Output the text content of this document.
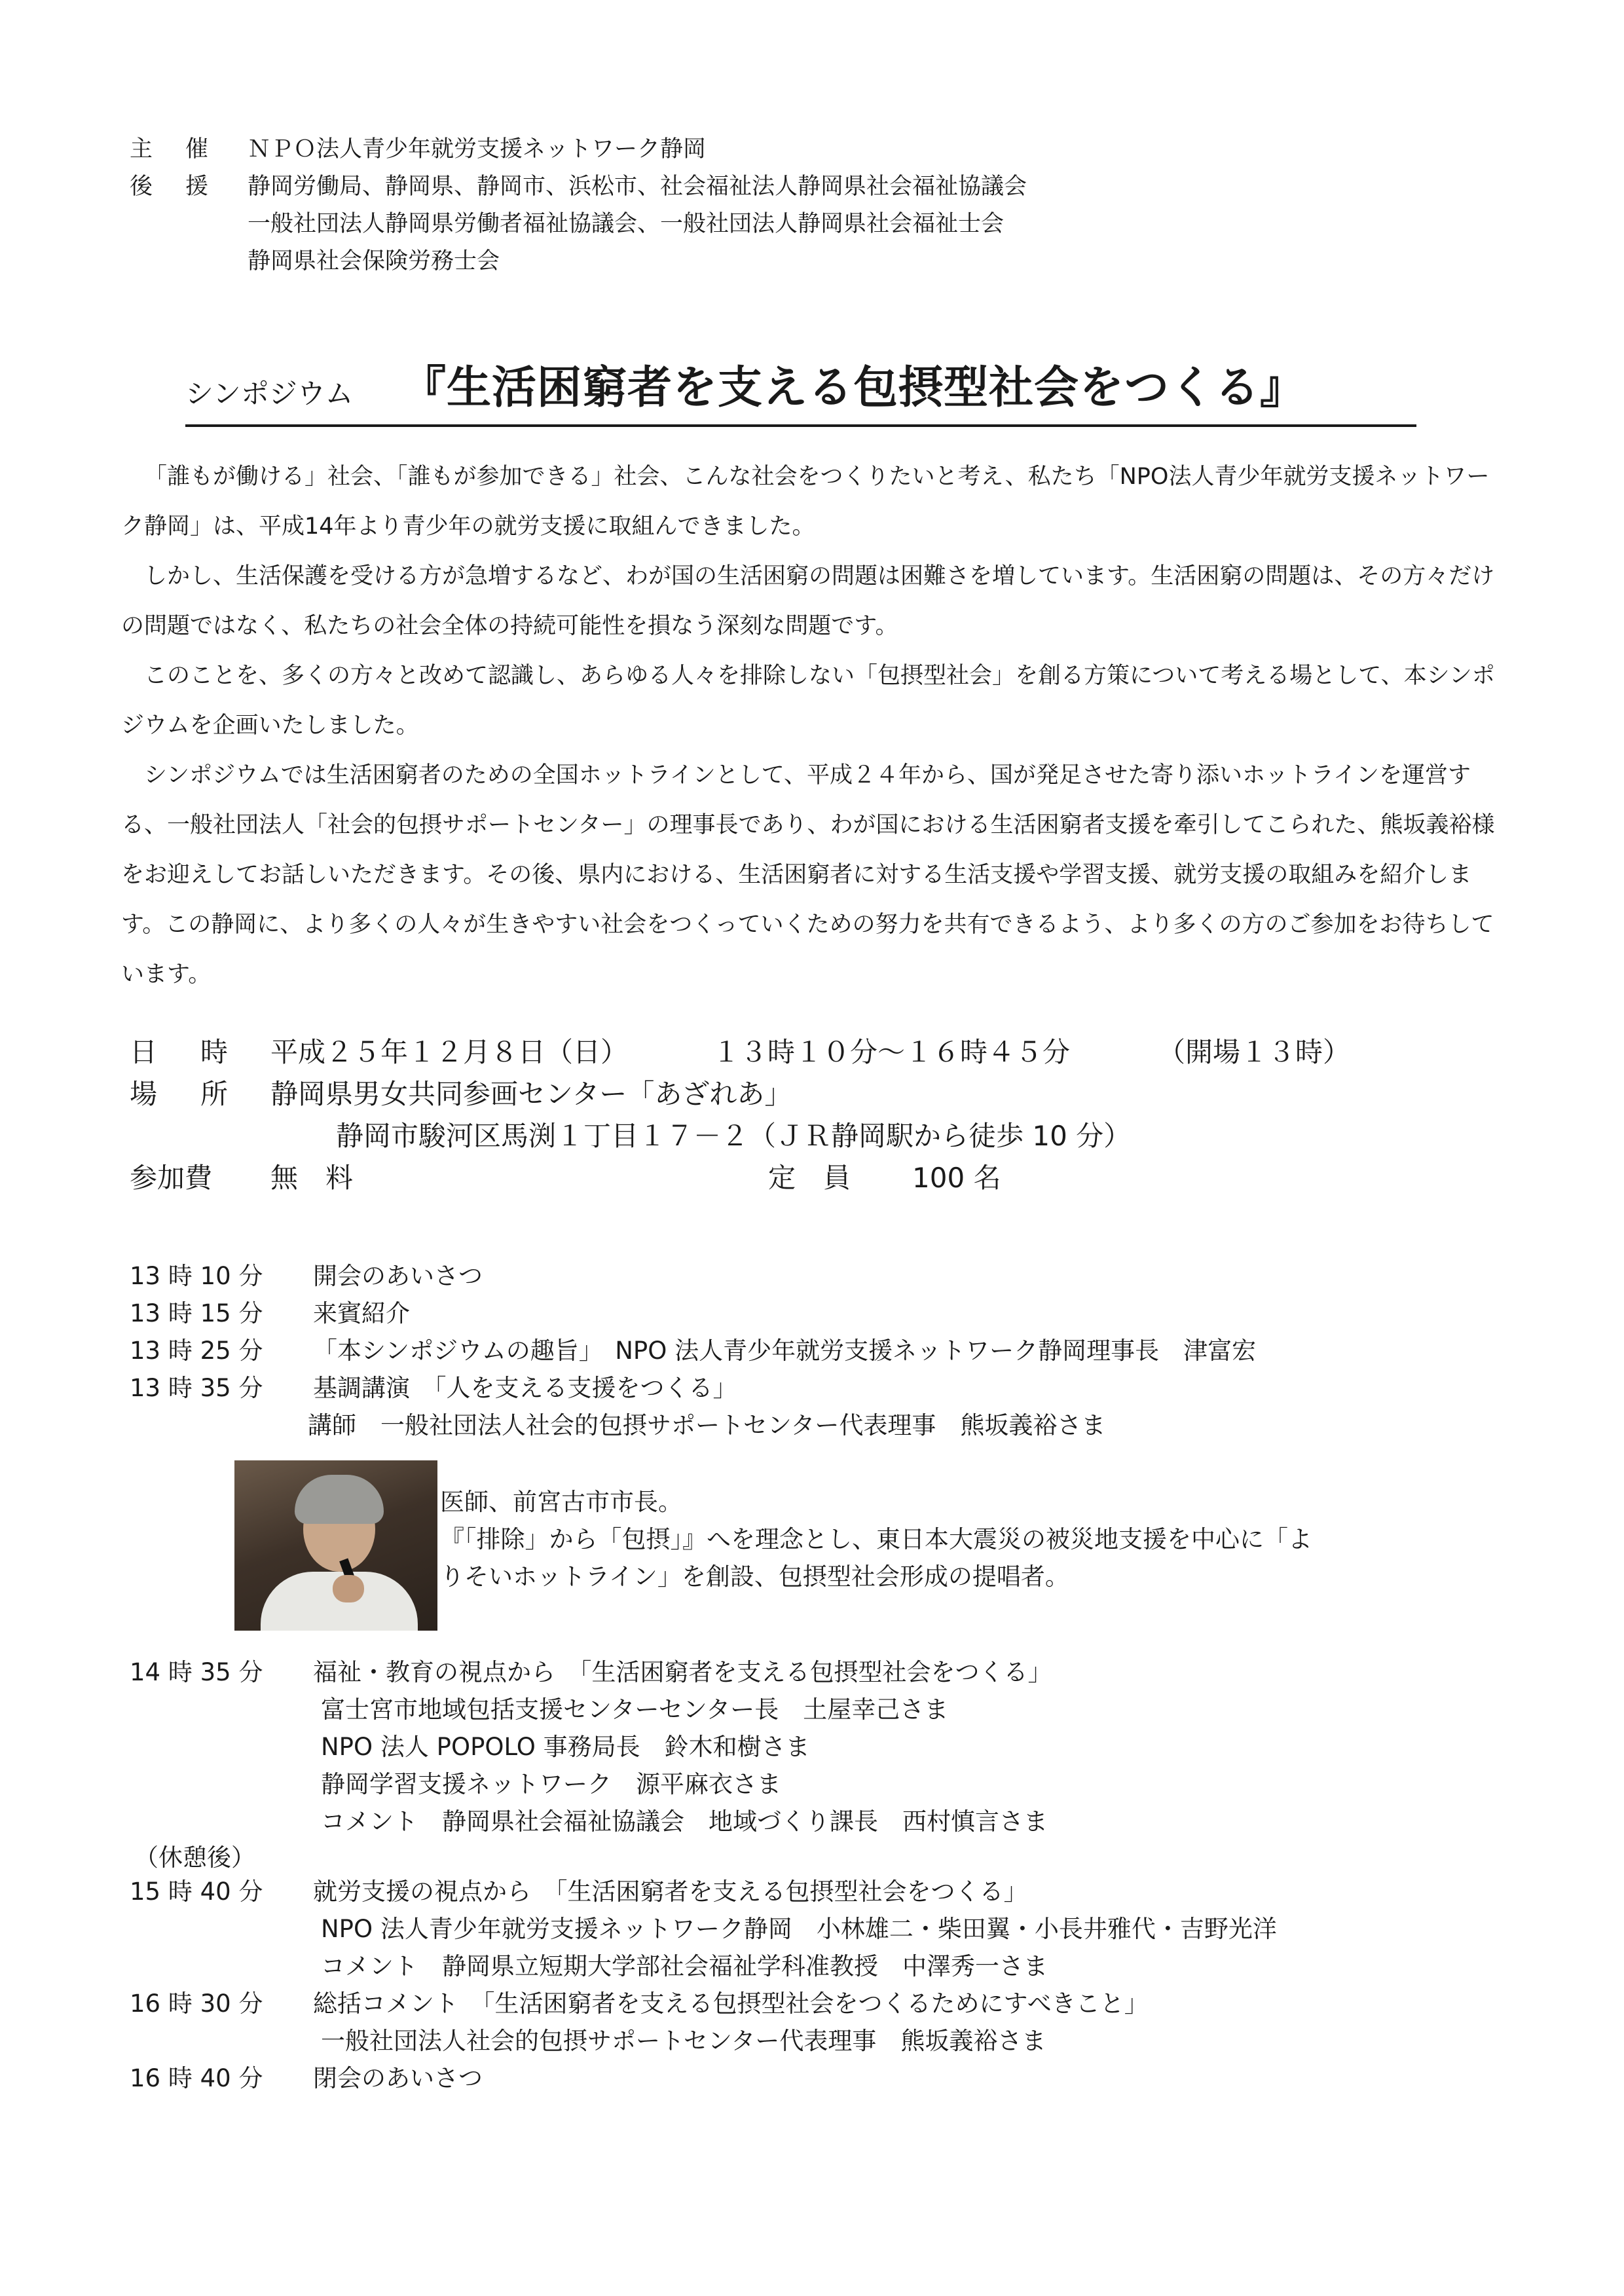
主　催 ＮＰＯ法人青少年就労支援ネットワーク静岡
後　援 静岡労働局、静岡県、静岡市、浜松市、社会福祉法人静岡県社会福祉協議会
一般社団法人静岡県労働者福祉協議会、一般社団法人静岡県社会福祉士会
静岡県社会保険労務士会
シンポジウム 『生活困窮者を支える包摂型社会をつくる』

「誰もが働ける」社会、「誰もが参加できる」社会、こんな社会をつくりたいと考え、私たち「NPO法人青少年就労支援ネットワーク静岡」は、平成14年より青少年の就労支援に取組んできました。

しかし、生活保護を受ける方が急増するなど、わが国の生活困窮の問題は困難さを増しています。生活困窮の問題は、その方々だけの問題ではなく、私たちの社会全体の持続可能性を損なう深刻な問題です。

このことを、多くの方々と改めて認識し、あらゆる人々を排除しない「包摂型社会」を創る方策について考える場として、本シンポジウムを企画いたしました。

シンポジウムでは生活困窮者のための全国ホットラインとして、平成２４年から、国が発足させた寄り添いホットラインを運営する、一般社団法人「社会的包摂サポートセンター」の理事長であり、わが国における生活困窮者支援を牽引してこられた、熊坂義裕様をお迎えしてお話しいただきます。その後、県内における、生活困窮者に対する生活支援や学習支援、就労支援の取組みを紹介します。この静岡に、より多くの人々が生きやすい社会をつくっていくための努力を共有できるよう、より多くの方のご参加をお待ちしています。

日　時 平成２５年１２月８日（日）	１３時１０分～１６時４５分	（開場１３時）
場　所 静岡県男女共同参画センター「あざれあ」
静岡市駿河区馬渕１丁目１７－２（ＪＲ静岡駅から徒歩 10 分）
参加費 無　料	定　員 100 名
13 時 10 分 開会のあいさつ
13 時 15 分 来賓紹介
13 時 25 分 「本シンポジウムの趣旨」　NPO 法人青少年就労支援ネットワーク静岡理事長　津富宏
13 時 35 分 基調講演　「人を支える支援をつくる」
講師　一般社団法人社会的包摂サポートセンター代表理事　熊坂義裕さま
医師、前宮古市市長。
『「排除」から「包摂」』へを理念とし、東日本大震災の被災地支援を中心に「よ
りそいホットライン」を創設、包摂型社会形成の提唱者。
14 時 35 分 福祉・教育の視点から　「生活困窮者を支える包摂型社会をつくる」
富士宮市地域包括支援センターセンター長　土屋幸己さま
NPO 法人 POPOLO 事務局長　鈴木和樹さま
静岡学習支援ネットワーク　源平麻衣さま
コメント　静岡県社会福祉協議会　地域づくり課長　西村慎言さま
（休憩後）
15 時 40 分 就労支援の視点から　「生活困窮者を支える包摂型社会をつくる」
NPO 法人青少年就労支援ネットワーク静岡　小林雄二・柴田翼・小長井雅代・吉野光洋
コメント　静岡県立短期大学部社会福祉学科准教授　中澤秀一さま
16 時 30 分 総括コメント　「生活困窮者を支える包摂型社会をつくるためにすべきこと」
一般社団法人社会的包摂サポートセンター代表理事　熊坂義裕さま
16 時 40 分 閉会のあいさつ
